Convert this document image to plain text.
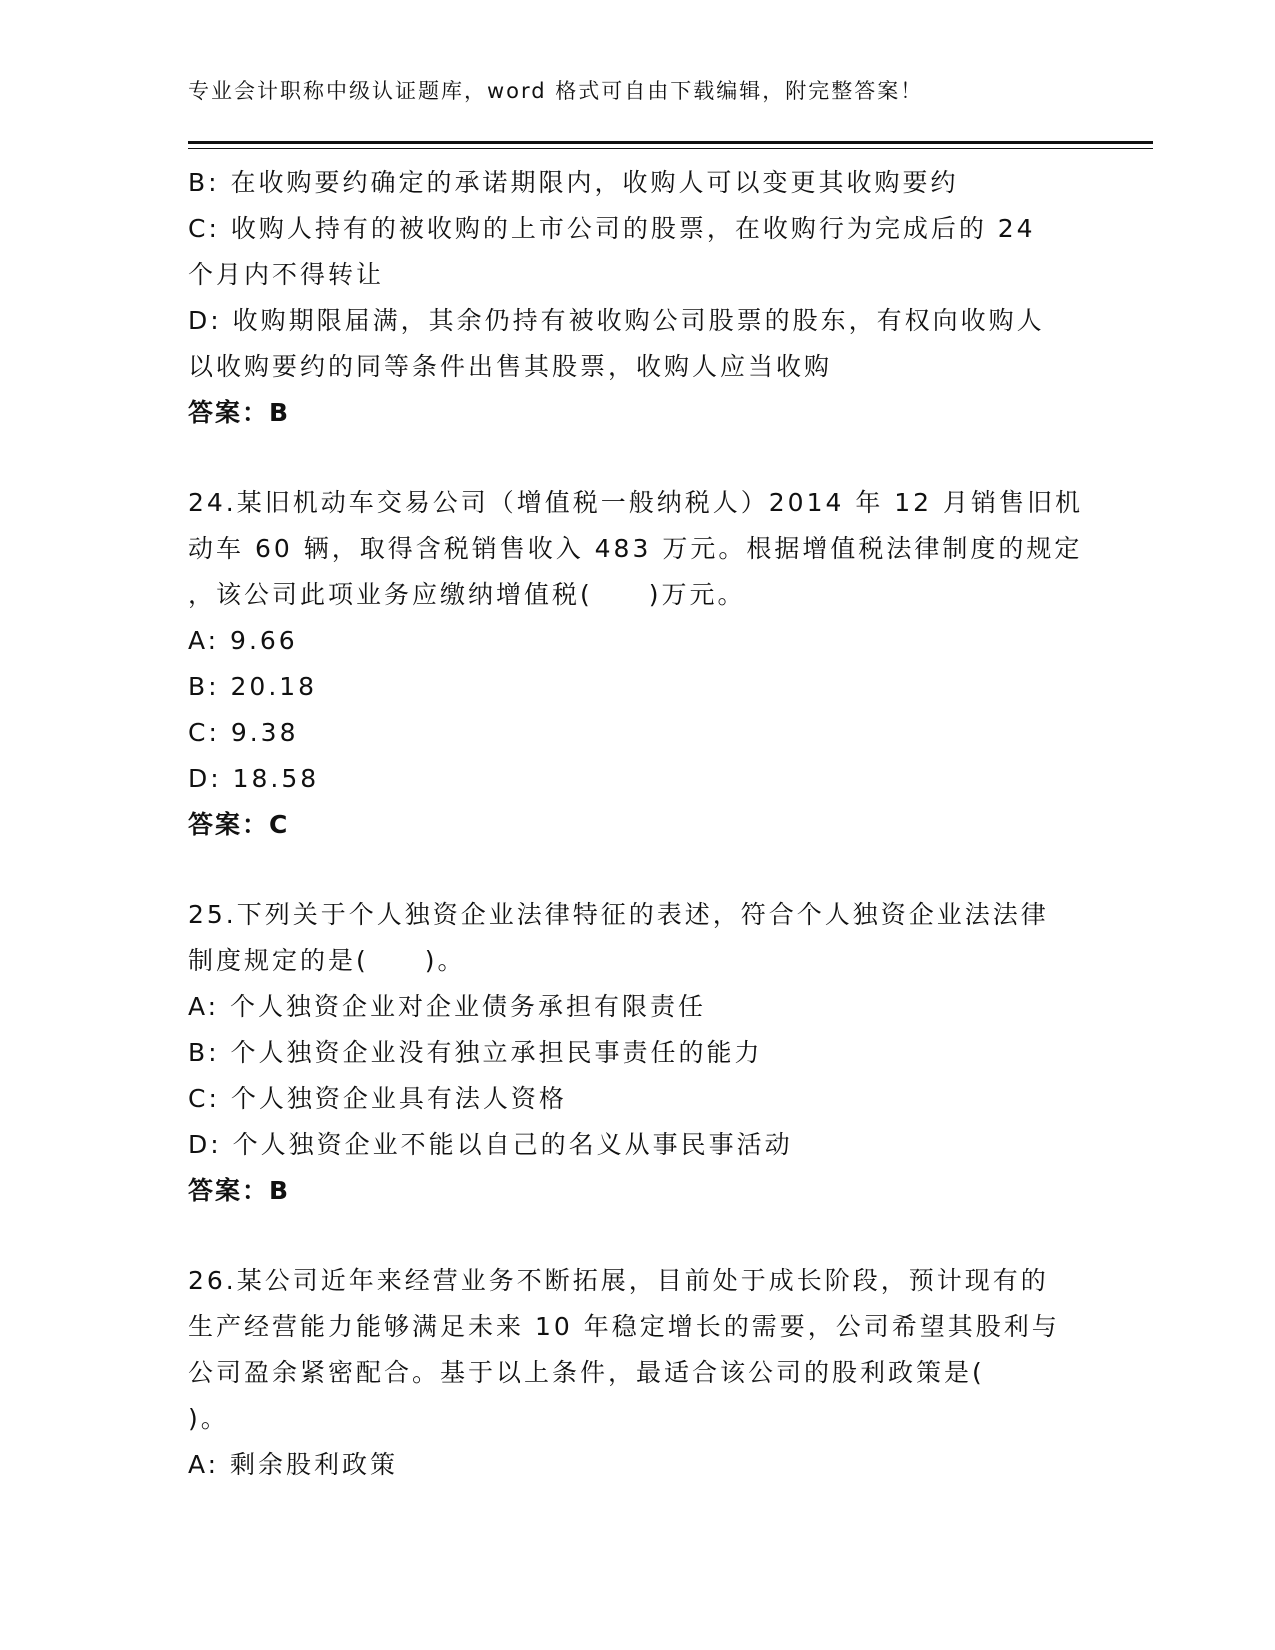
专业会计职称中级认证题库，word 格式可自由下载编辑，附完整答案！
B: 在收购要约确定的承诺期限内，收购人可以变更其收购要约
C: 收购人持有的被收购的上市公司的股票，在收购行为完成后的 24
个月内不得转让
D: 收购期限届满，其余仍持有被收购公司股票的股东，有权向收购人
以收购要约的同等条件出售其股票，收购人应当收购
答案：B
24.某旧机动车交易公司（增值税一般纳税人）2014 年 12 月销售旧机
动车 60 辆，取得含税销售收入 483 万元。根据增值税法律制度的规定
，该公司此项业务应缴纳增值税(　　)万元。
A: 9.66
B: 20.18
C: 9.38
D: 18.58
答案：C
25.下列关于个人独资企业法律特征的表述，符合个人独资企业法法律
制度规定的是(　　)。
A: 个人独资企业对企业债务承担有限责任
B: 个人独资企业没有独立承担民事责任的能力
C: 个人独资企业具有法人资格
D: 个人独资企业不能以自己的名义从事民事活动
答案：B
26.某公司近年来经营业务不断拓展，目前处于成长阶段，预计现有的
生产经营能力能够满足未来 10 年稳定增长的需要，公司希望其股利与
公司盈余紧密配合。基于以上条件，最适合该公司的股利政策是(
)。
A: 剩余股利政策
